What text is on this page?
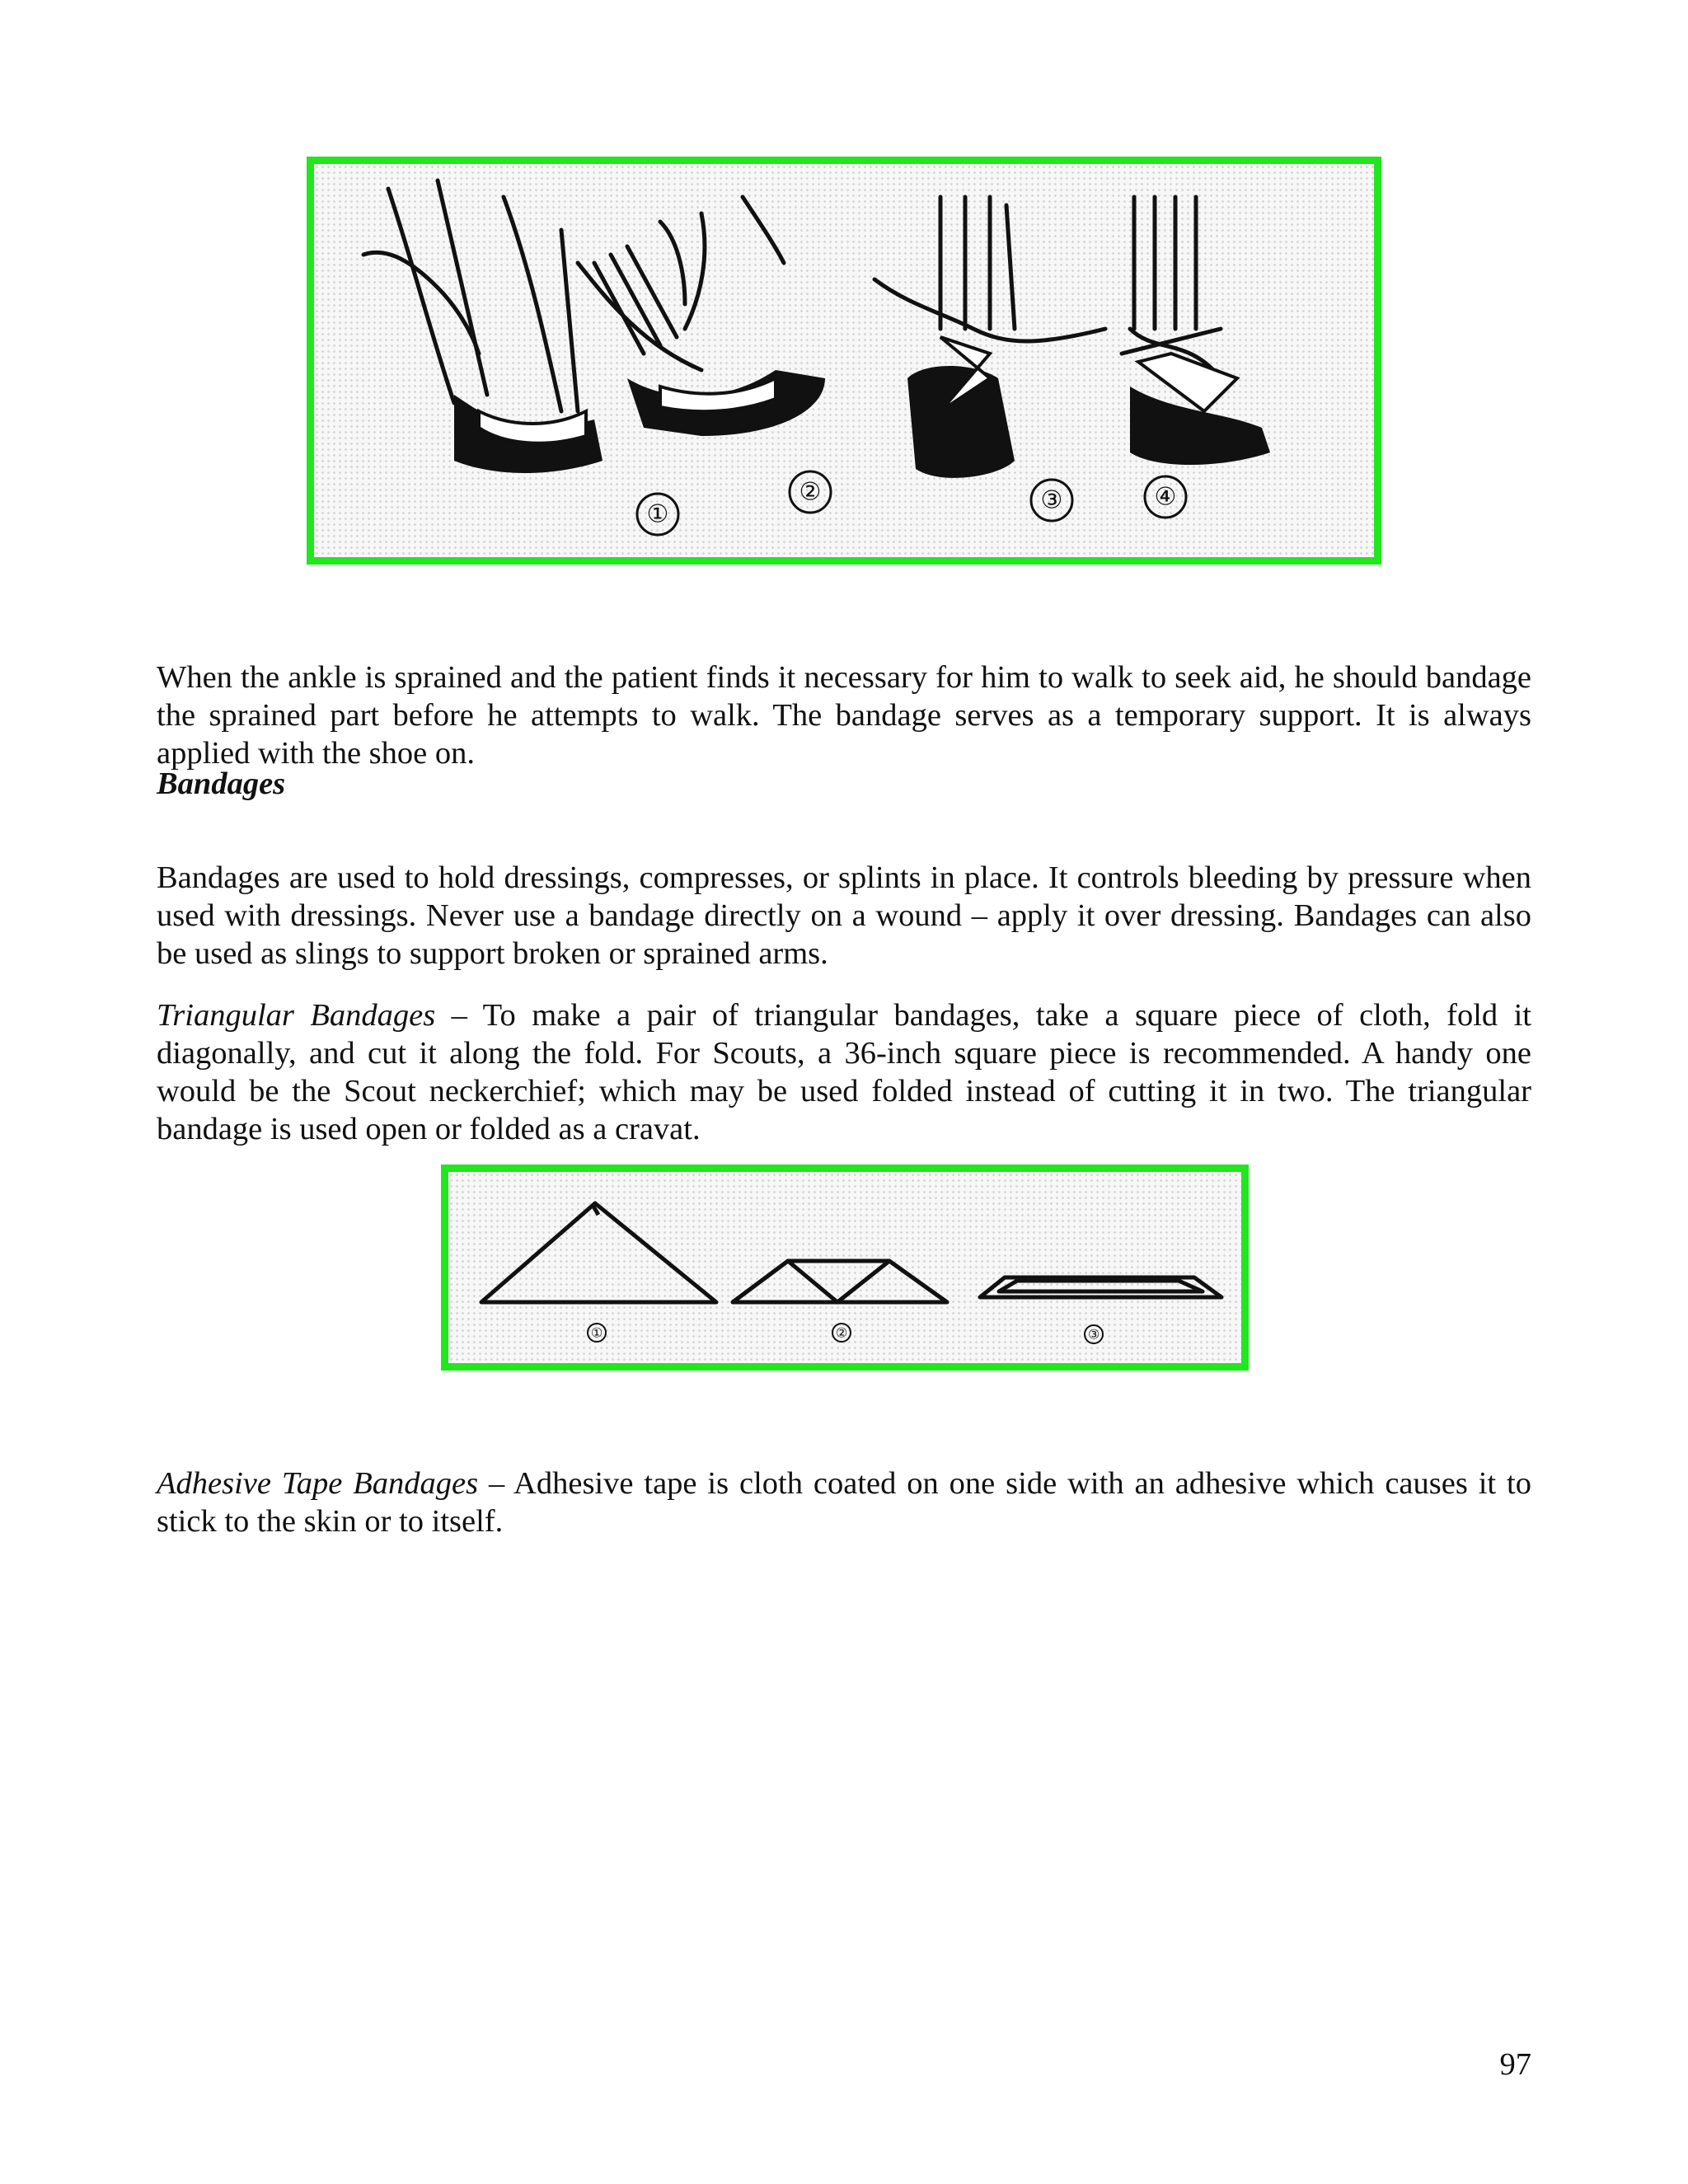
①
②	③	④

When the ankle is sprained and the patient finds it necessary for him to walk to seek aid, he should bandage the sprained part before he attempts to walk. The bandage serves as a temporary support. It is always applied with the shoe on.

Bandages

Bandages are used to hold dressings, compresses, or splints in place. It controls bleeding by pressure when used with dressings. Never use a bandage directly on a wound – apply it over dressing. Bandages can also be used as slings to support broken or sprained arms.

Triangular Bandages – To make a pair of triangular bandages, take a square piece of cloth, fold it diagonally, and cut it along the fold. For Scouts, a 36-inch square piece is recommended. A handy one would be the Scout neckerchief; which may be used folded instead of cutting it in two. The triangular bandage is used open or folded as a cravat.

①	②	③

Adhesive Tape Bandages – Adhesive tape is cloth coated on one side with an adhesive which causes it to stick to the skin or to itself.

97
